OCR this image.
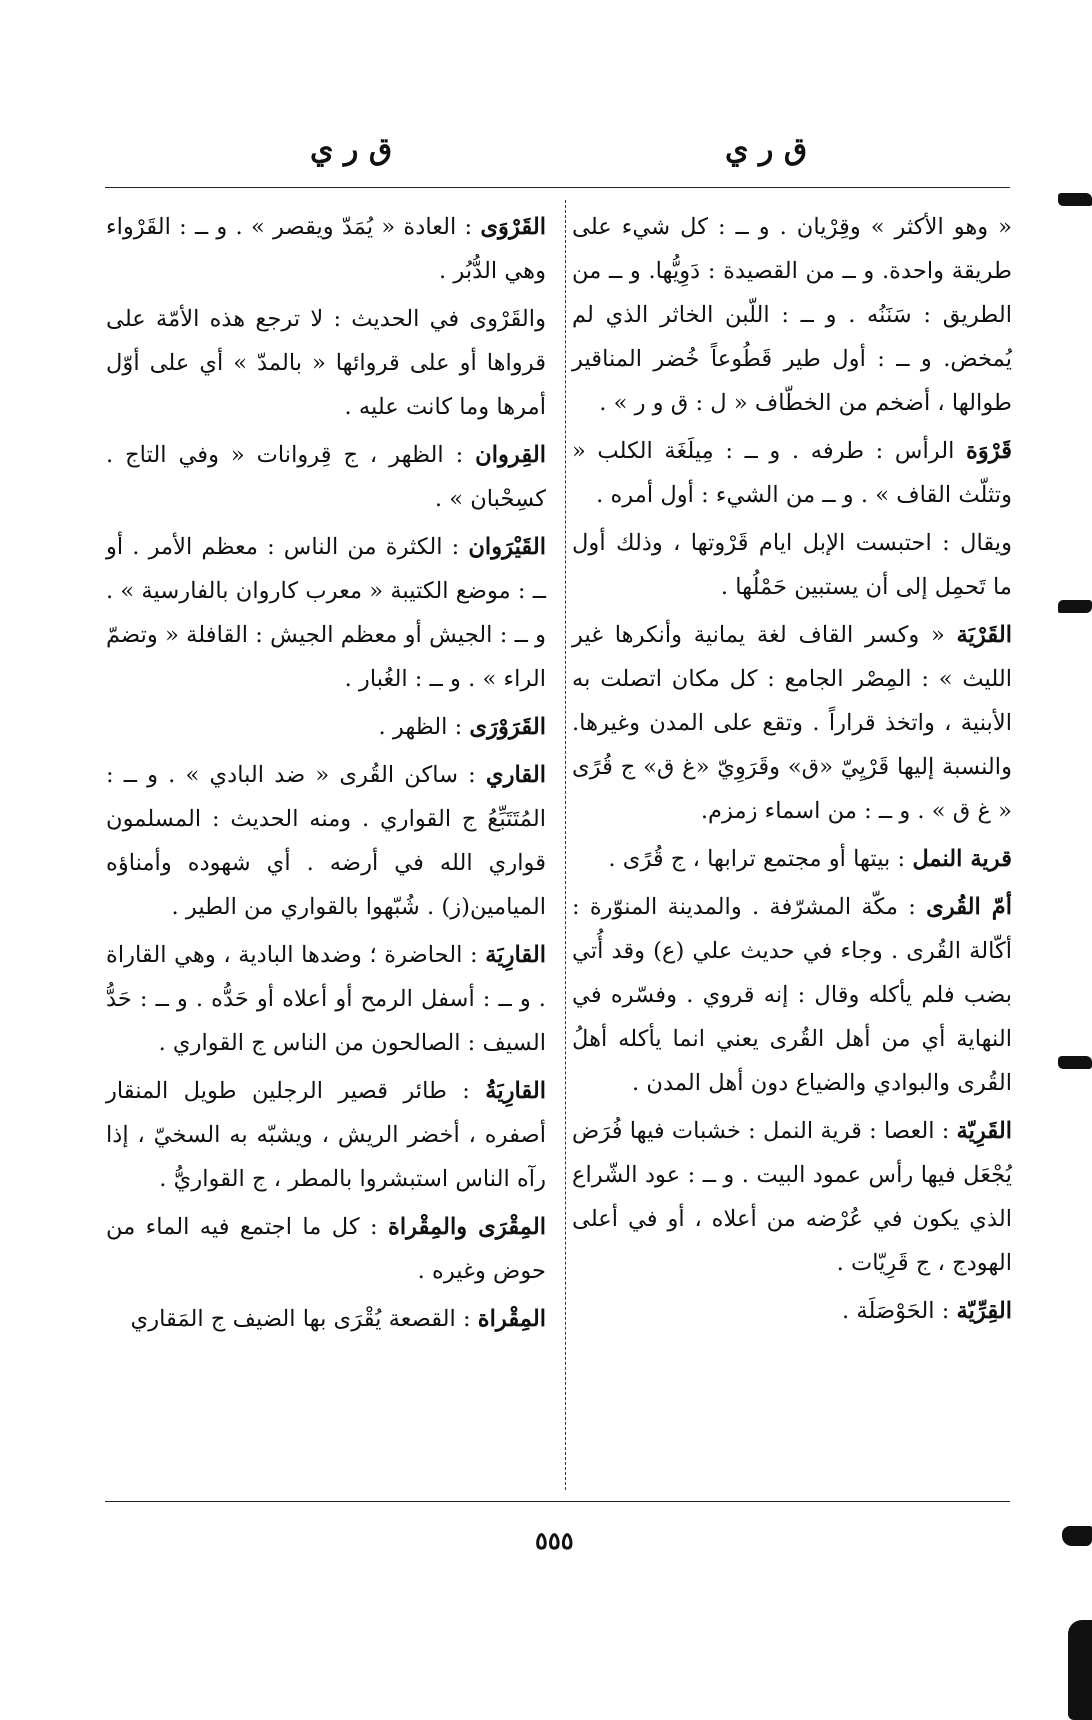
ق ر ي
ق ر ي

« وهو الأكثر » وقِرْيان . و ــ : كل شيء على طريقة واحدة. و ــ من القصيدة : دَوِيُّها. و ــ من الطريق : سَنَنُه . و ــ : اللّبن الخاثر الذي لم يُمخض. و ــ : أول طير قَطُوعاً خُضر المناقير طوالها ، أضخم من الخطّاف « ل : ق و ر » .

قَرْوَة الرأس : طرفه . و ــ : مِيلَغَة الكلب « وتثلّث القاف » . و ــ من الشيء : أول أمره .

ويقال : احتبست الإبل ايام قَرْوتها ، وذلك أول ما تَحمِل إلى أن يستبين حَمْلُها .

القَرْيَة « وكسر القاف لغة يمانية وأنكرها غير الليث » : المِصْر الجامع : كل مكان اتصلت به الأبنية ، واتخذ قراراً . وتقع على المدن وغيرها. والنسبة إليها قَرْيِيّ «ق» وقَرَوِيّ «غ ق» ج قُرًى « غ ق » . و ــ : من اسماء زمزم.

قرية النمل : بيتها أو مجتمع ترابها ، ج قُرًى .

أمّ القُرى : مكّة المشرّفة . والمدينة المنوّرة : أكّالة القُرى . وجاء في حديث علي (ع) وقد أُتي بضب فلم يأكله وقال : إنه قروي . وفسّره في النهاية أي من أهل القُرى يعني انما يأكله أهلُ القُرى والبوادي والضياع دون أهل المدن .

القَرِيّة : العصا : قرية النمل : خشبات فيها فُرَض يُجْعَل فيها رأس عمود البيت . و ــ : عود الشّراع الذي يكون في عُرْضه من أعلاه ، أو في أعلى الهودج ، ج قَرِيّات .

القِرِّيّة : الحَوْصَلَة .

القَرْوَى : العادة « يُمَدّ ويقصر » . و ــ : القَرْواء وهي الدُّبُر .

والقَرْوى في الحديث : لا ترجع هذه الأمّة على قرواها أو على قروائها « بالمدّ » أي على أوّل أمرها وما كانت عليه .

القِروان : الظهر ، ج قِروانات « وفي التاج . كسِحْبان » .

القَيْرَوان : الكثرة من الناس : معظم الأمر . أو ــ : موضع الكتيبة « معرب كاروان بالفارسية » . و ــ : الجيش أو معظم الجيش : القافلة « وتضمّ الراء » . و ــ : الغُبار .

القَرَوْرَى : الظهر .

القاري : ساكن القُرى « ضد البادي » . و ــ : المُتَتَبِّعُ ج القواري . ومنه الحديث : المسلمون قواري الله في أرضه . أي شهوده وأمناؤه الميامين(ز) . شُبّهوا بالقواري من الطير .

القارِيَة : الحاضرة ؛ وضدها البادية ، وهي القاراة . و ــ : أسفل الرمح أو أعلاه أو حَدُّه . و ــ : حَدُّ السيف : الصالحون من الناس ج القواري .

القارِيَةُ : طائر قصير الرجلين طويل المنقار أصفره ، أخضر الريش ، ويشبّه به السخيّ ، إذا رآه الناس استبشروا بالمطر ، ج القواريُّ .

المِقْرَى والمِقْراة : كل ما اجتمع فيه الماء من حوض وغيره .

المِقْراة : القصعة يُقْرَى بها الضيف ج المَقاري

٥٥٥
